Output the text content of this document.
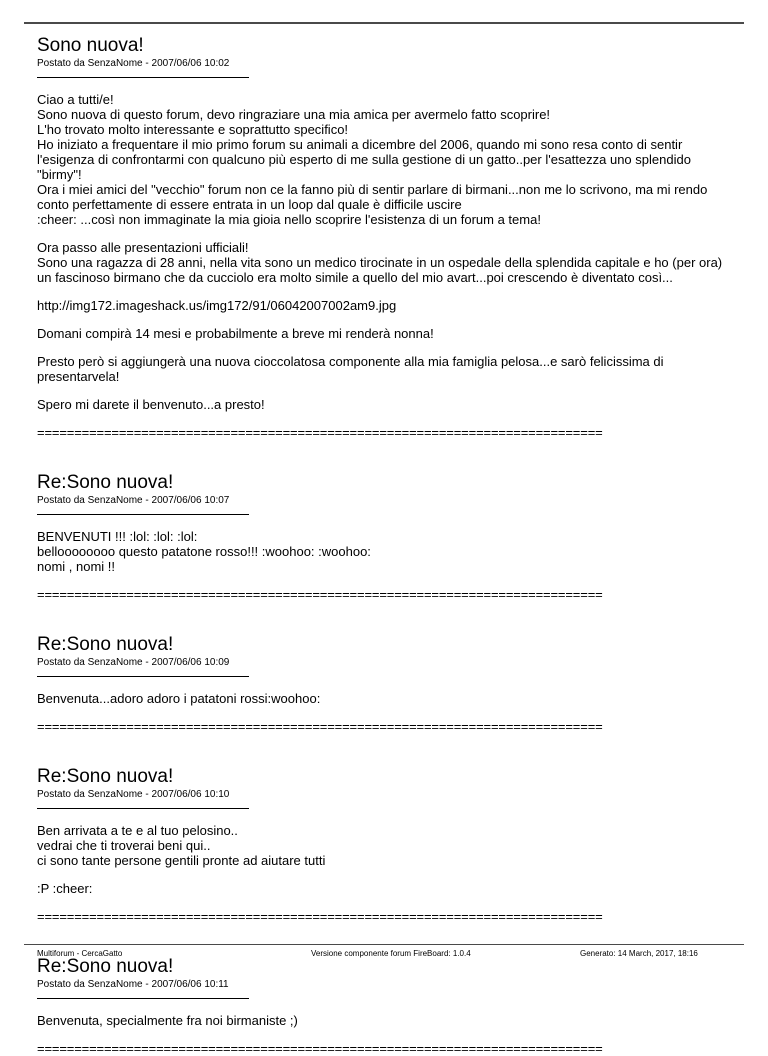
Sono nuova!
Postato da SenzaNome - 2007/06/06 10:02

Ciao a tutti/e!

Sono nuova di questo forum, devo ringraziare una mia amica per avermelo fatto scoprire!

L'ho trovato molto interessante e soprattutto specifico!

Ho iniziato a frequentare il mio primo forum su animali a dicembre del 2006, quando mi sono resa conto di sentir

l'esigenza di confrontarmi con qualcuno più esperto di me sulla gestione di un gatto..per l'esattezza uno splendido

"birmy"!

Ora i miei amici del "vecchio" forum non ce la fanno più di sentir parlare di birmani...non me lo scrivono, ma mi rendo

conto perfettamente di essere entrata in un loop dal quale è difficile uscire

:cheer: ...così non immaginate la mia gioia nello scoprire l'esistenza di un forum a tema!

Ora passo alle presentazioni ufficiali!

Sono una ragazza di 28 anni, nella vita sono un medico tirocinate in un ospedale della splendida capitale e ho (per ora)

un fascinoso birmano che da cucciolo era molto simile a quello del mio avart...poi crescendo è diventato così...

http://img172.imageshack.us/img172/91/06042007002am9.jpg

Domani compirà 14 mesi e probabilmente a breve mi renderà nonna!

Presto però si aggiungerà una nuova cioccolatosa componente alla mia famiglia pelosa...e sarò felicissima di presentarvela!

Spero mi darete il benvenuto...a presto!

============================================================================
Re:Sono nuova!
Postato da SenzaNome - 2007/06/06 10:07

BENVENUTI !!! :lol: :lol: :lol:

belloooooooo questo patatone rosso!!! :woohoo: :woohoo:

nomi , nomi !!

============================================================================
Re:Sono nuova!
Postato da SenzaNome - 2007/06/06 10:09

Benvenuta...adoro adoro i patatoni rossi:woohoo:

============================================================================
Re:Sono nuova!
Postato da SenzaNome - 2007/06/06 10:10

Ben arrivata a te e al tuo pelosino..

vedrai che ti troverai beni qui..

ci sono tante persone gentili pronte ad aiutare tutti

:P :cheer:

============================================================================
Re:Sono nuova!
Postato da SenzaNome - 2007/06/06 10:11

Benvenuta, specialmente fra noi birmaniste ;)

============================================================================
Multiforum - CercaGatto	Versione componente forum FireBoard: 1.0.4	Generato: 14 March, 2017, 18:16
